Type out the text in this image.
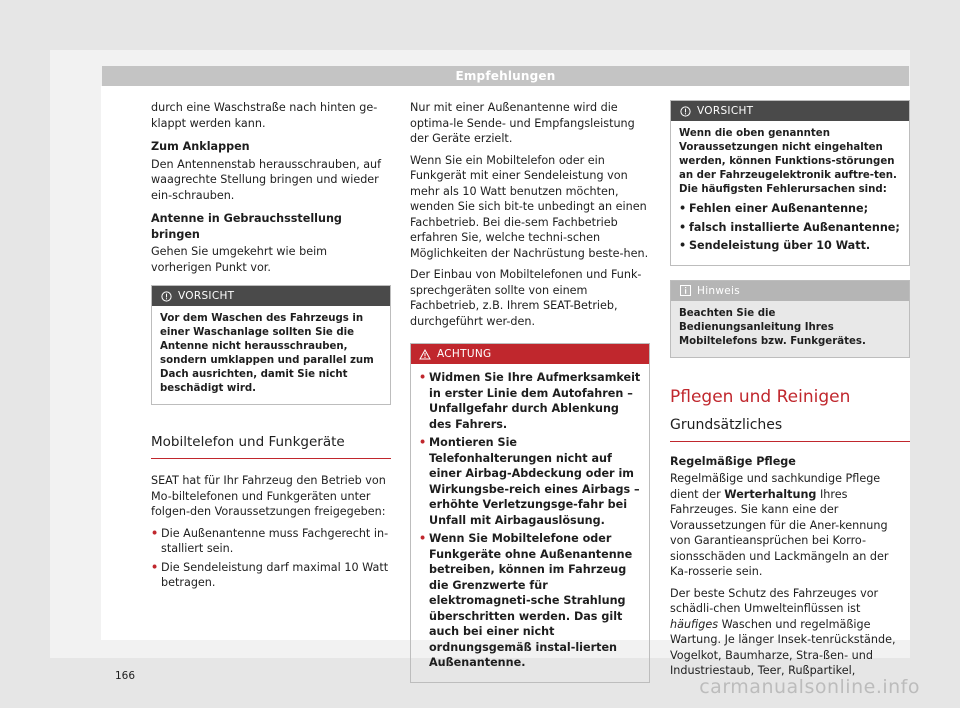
Empfehlungen

durch eine Waschstraße nach hinten ge-klappt werden kann.

Zum Anklappen

Den Antennenstab herausschrauben, auf waagrechte Stellung bringen und wieder ein-schrauben.

Antenne in Gebrauchsstellung bringen

Gehen Sie umgekehrt wie beim vorherigen Punkt vor.

VORSICHT

Vor dem Waschen des Fahrzeugs in einer Waschanlage sollten Sie die Antenne nicht herausschrauben, sondern umklappen und parallel zum Dach ausrichten, damit Sie nicht beschädigt wird.

Mobiltelefon und Funkgeräte

SEAT hat für Ihr Fahrzeug den Betrieb von Mo-biltelefonen und Funkgeräten unter folgen-den Voraussetzungen freigegeben:

• Die Außenantenne muss Fachgerecht in-stalliert sein.
• Die Sendeleistung darf maximal 10 Watt betragen.

Nur mit einer Außenantenne wird die optima-le Sende- und Empfangsleistung der Geräte erzielt.

Wenn Sie ein Mobiltelefon oder ein Funkgerät mit einer Sendeleistung von mehr als 10 Watt benutzen möchten, wenden Sie sich bit-te unbedingt an einen Fachbetrieb. Bei die-sem Fachbetrieb erfahren Sie, welche techni-schen Möglichkeiten der Nachrüstung beste-hen.

Der Einbau von Mobiltelefonen und Funk-sprechgeräten sollte von einem Fachbetrieb, z.B. Ihrem SEAT-Betrieb, durchgeführt wer-den.

ACHTUNG
• Widmen Sie Ihre Aufmerksamkeit in erster Linie dem Autofahren – Unfallgefahr durch Ablenkung des Fahrers.
• Montieren Sie Telefonhalterungen nicht auf einer Airbag-Abdeckung oder im Wirkungsbe-reich eines Airbags – erhöhte Verletzungsge-fahr bei Unfall mit Airbagauslösung.
• Wenn Sie Mobiltelefone oder Funkgeräte ohne Außenantenne betreiben, können im Fahrzeug die Grenzwerte für elektromagneti-sche Strahlung überschritten werden. Das gilt auch bei einer nicht ordnungsgemäß instal-lierten Außenantenne.
VORSICHT

Wenn die oben genannten Voraussetzungen nicht eingehalten werden, können Funktions-störungen an der Fahrzeugelektronik auftre-ten. Die häufigsten Fehlerursachen sind:

• Fehlen einer Außenantenne;
• falsch installierte Außenantenne;
• Sendeleistung über 10 Watt.
Hinweis

Beachten Sie die Bedienungsanleitung Ihres Mobiltelefons bzw. Funkgerätes.

Pflegen und Reinigen
Grundsätzliches
Regelmäßige Pflege

Regelmäßige und sachkundige Pflege dient der Werterhaltung Ihres Fahrzeuges. Sie kann eine der Voraussetzungen für die Aner-kennung von Garantieansprüchen bei Korro-sionsschäden und Lackmängeln an der Ka-rosserie sein.

Der beste Schutz des Fahrzeuges vor schädli-chen Umwelteinflüssen ist häufiges Waschen und regelmäßige Wartung. Je länger Insek-tenrückstände, Vogelkot, Baumharze, Stra-ßen- und Industriestaub, Teer, Rußpartikel,

166	carmanualsonline.info
